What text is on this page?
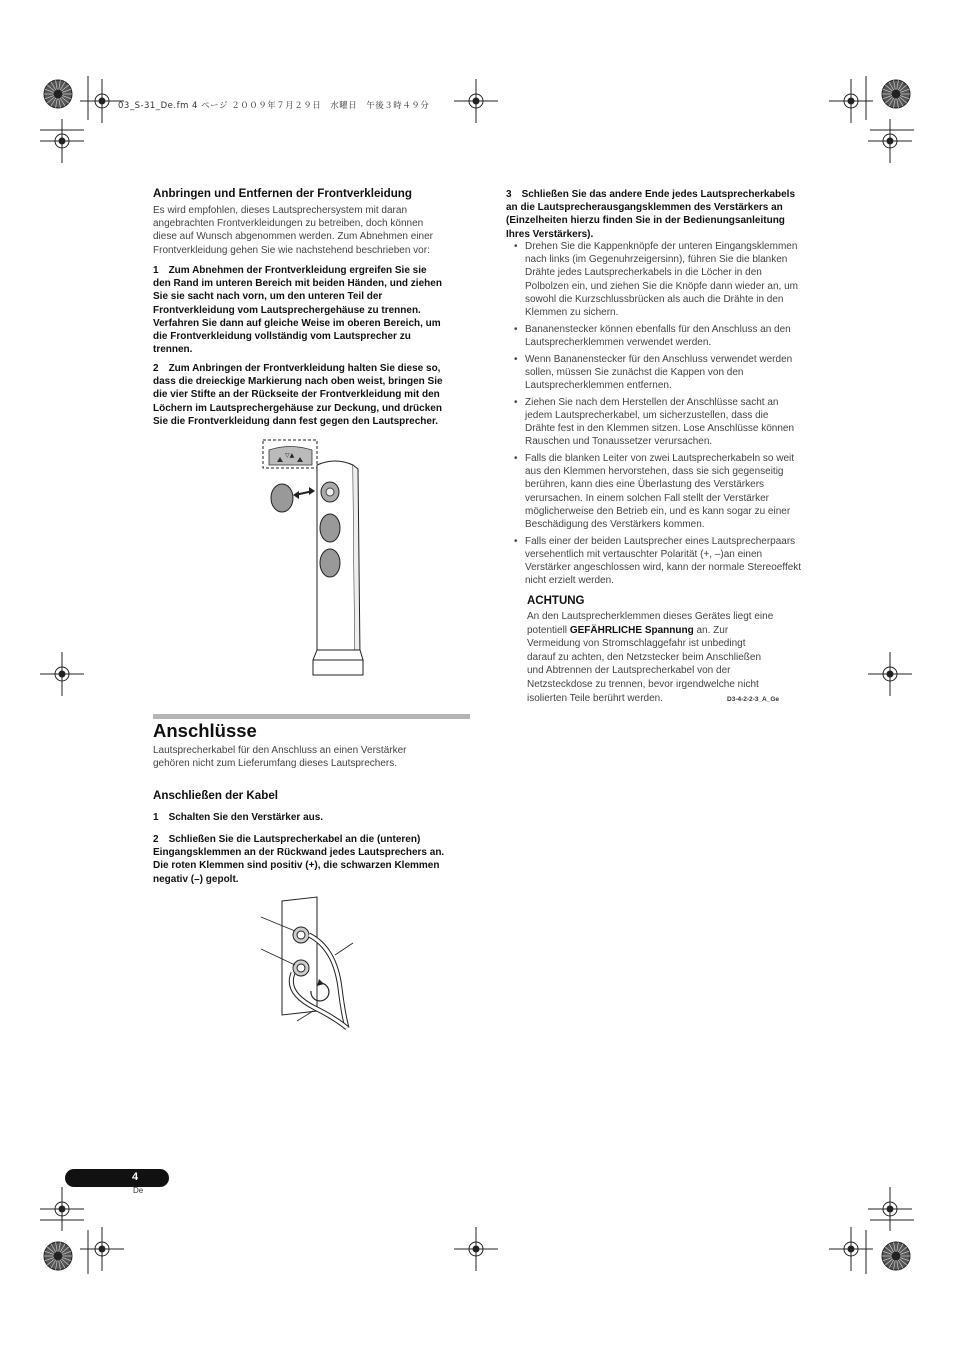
03_S-31_De.fm 4 ページ ２００９年７月２９日　水曜日　午後３時４９分
Anbringen und Entfernen der Frontverkleidung
Es wird empfohlen, dieses Lautsprechersystem mit daran
angebrachten Frontverkleidungen zu betreiben, doch können
diese auf Wunsch abgenommen werden. Zum Abnehmen einer
Frontverkleidung gehen Sie wie nachstehend beschrieben vor:
1 Zum Abnehmen der Frontverkleidung ergreifen Sie sie
den Rand im unteren Bereich mit beiden Händen, und ziehen
Sie sie sacht nach vorn, um den unteren Teil der
Frontverkleidung vom Lautsprechergehäuse zu trennen.
Verfahren Sie dann auf gleiche Weise im oberen Bereich, um
die Frontverkleidung vollständig vom Lautsprecher zu
trennen.
2 Zum Anbringen der Frontverkleidung halten Sie diese so,
dass die dreieckige Markierung nach oben weist, bringen Sie
die vier Stifte an der Rückseite der Frontverkleidung mit den
Löchern im Lautsprechergehäuse zur Deckung, und drücken
Sie die Frontverkleidung dann fest gegen den Lautsprecher.
▽▲
Anschlüsse
Lautsprecherkabel für den Anschluss an einen Verstärker
gehören nicht zum Lieferumfang dieses Lautsprechers.
Anschließen der Kabel
1 Schalten Sie den Verstärker aus.
2 Schließen Sie die Lautsprecherkabel an die (unteren)
Eingangsklemmen an der Rückwand jedes Lautsprechers an.
Die roten Klemmen sind positiv (+), die schwarzen Klemmen
negativ (–) gepolt.
3 Schließen Sie das andere Ende jedes Lautsprecherkabels
an die Lautsprecherausgangsklemmen des Verstärkers an
(Einzelheiten hierzu finden Sie in der Bedienungsanleitung
Ihres Verstärkers).
• Drehen Sie die Kappenknöpfe der unteren Eingangsklemmen
nach links (im Gegenuhrzeigersinn), führen Sie die blanken
Drähte jedes Lautsprecherkabels in die Löcher in den
Polbolzen ein, und ziehen Sie die Knöpfe dann wieder an, um
sowohl die Kurzschlussbrücken als auch die Drähte in den
Klemmen zu sichern.
• Bananenstecker können ebenfalls für den Anschluss an den
Lautsprecherklemmen verwendet werden.
• Wenn Bananenstecker für den Anschluss verwendet werden
sollen, müssen Sie zunächst die Kappen von den
Lautsprecherklemmen entfernen.
• Ziehen Sie nach dem Herstellen der Anschlüsse sacht an
jedem Lautsprecherkabel, um sicherzustellen, dass die
Drähte fest in den Klemmen sitzen. Lose Anschlüsse können
Rauschen und Tonaussetzer verursachen.
• Falls die blanken Leiter von zwei Lautsprecherkabeln so weit
aus den Klemmen hervorstehen, dass sie sich gegenseitig
berühren, kann dies eine Überlastung des Verstärkers
verursachen. In einem solchen Fall stellt der Verstärker
möglicherweise den Betrieb ein, und es kann sogar zu einer
Beschädigung des Verstärkers kommen.
• Falls einer der beiden Lautsprecher eines Lautsprecherpaars
versehentlich mit vertauschter Polarität (+, –)an einen
Verstärker angeschlossen wird, kann der normale Stereoeffekt
nicht erzielt werden.
ACHTUNG
An den Lautsprecherklemmen dieses Gerätes liegt eine
potentiell GEFÄHRLICHE Spannung an. Zur
Vermeidung von Stromschlaggefahr ist unbedingt
darauf zu achten, den Netzstecker beim Anschließen
und Abtrennen der Lautsprecherkabel von der
Netzsteckdose zu trennen, bevor irgendwelche nicht
isolierten Teile berührt werden.	D3-4-2-2-3_A_Ge
4
De
